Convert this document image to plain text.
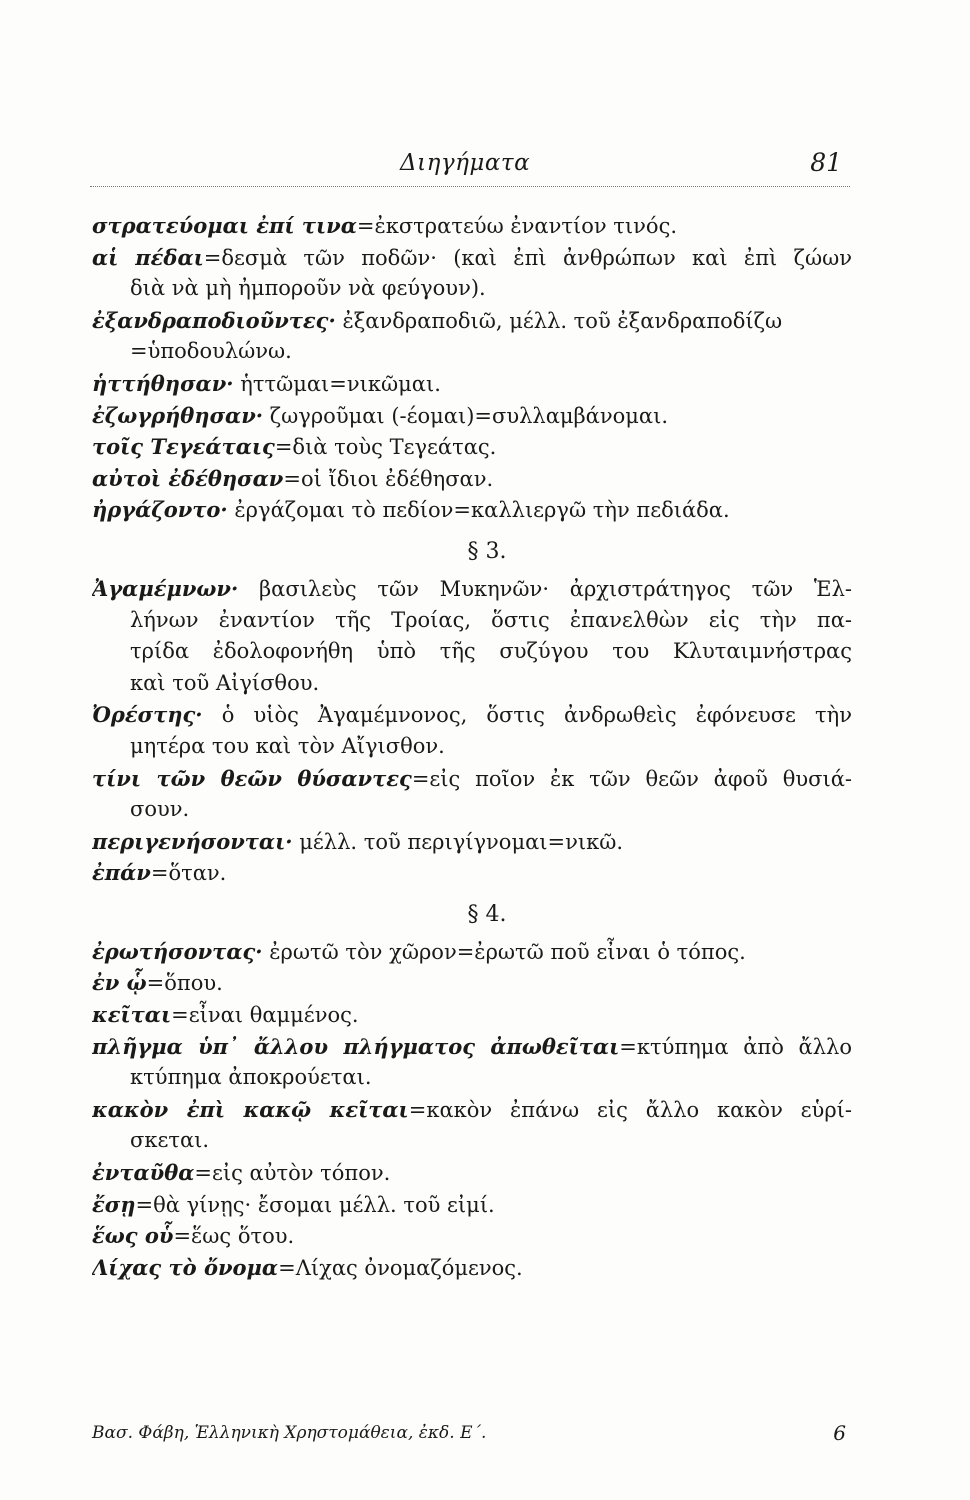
Διηγήματα	81
στρατεύομαι ἐπί τινα=ἐκστρατεύω ἐναντίον τινός.
αἱ πέδαι=δεσμὰ τῶν ποδῶν· (καὶ ἐπὶ ἀνθρώπων καὶ ἐπὶ ζώων
διὰ νὰ μὴ ἠμποροῦν νὰ φεύγουν).
ἐξανδραποδιοῦντες· ἐξανδραποδιῶ, μέλλ. τοῦ ἐξανδραποδίζω
=ὑποδουλώνω.
ἡττήθησαν· ἡττῶμαι=νικῶμαι.
ἐζωγρήθησαν· ζωγροῦμαι (-έομαι)=συλλαμβάνομαι.
τοῖς Τεγεάταις=διὰ τοὺς Τεγεάτας.
αὐτοὶ ἐδέθησαν=οἱ ἴδιοι ἐδέθησαν.
ἠργάζοντο· ἐργάζομαι τὸ πεδίον=καλλιεργῶ τὴν πεδιάδα.
§ 3.
Ἀγαμέμνων· βασιλεὺς τῶν Μυκηνῶν· ἀρχιστράτηγος τῶν Ἑλ-
λήνων ἐναντίον τῆς Τροίας, ὅστις ἐπανελθὼν εἰς τὴν πα-
τρίδα ἐδολοφονήθη ὑπὸ τῆς συζύγου του Κλυταιμνήστρας
καὶ τοῦ Αἰγίσθου.
Ὀρέστης· ὁ υἱὸς Ἀγαμέμνονος, ὅστις ἀνδρωθεὶς ἐφόνευσε τὴν
μητέρα του καὶ τὸν Αἴγισθον.
τίνι τῶν θεῶν θύσαντες=εἰς ποῖον ἐκ τῶν θεῶν ἀφοῦ θυσιά-
σουν.
περιγενήσονται· μέλλ. τοῦ περιγίγνομαι=νικῶ.
ἐπάν=ὅταν.
§ 4.
ἐρωτήσοντας· ἐρωτῶ τὸν χῶρον=ἐρωτῶ ποῦ εἶναι ὁ τόπος.
ἐν ᾧ=ὅπου.
κεῖται=εἶναι θαμμένος.
πλῆγμα ὑπ᾽ ἄλλου πλήγματος ἀπωθεῖται=κτύπημα ἀπὸ ἄλλο
κτύπημα ἀποκρούεται.
κακὸν ἐπὶ κακῷ κεῖται=κακὸν ἐπάνω εἰς ἄλλο κακὸν εὑρί-
σκεται.
ἐνταῦθα=εἰς αὐτὸν τόπον.
ἔσῃ=θὰ γίνῃς· ἔσομαι μέλλ. τοῦ εἰμί.
ἕως οὗ=ἕως ὅτου.
Λίχας τὸ ὄνομα=Λίχας ὀνομαζόμενος.
Βασ. Φάβη, Ἑλληνικὴ Χρηστομάθεια, ἐκδ. Ε΄.	6
